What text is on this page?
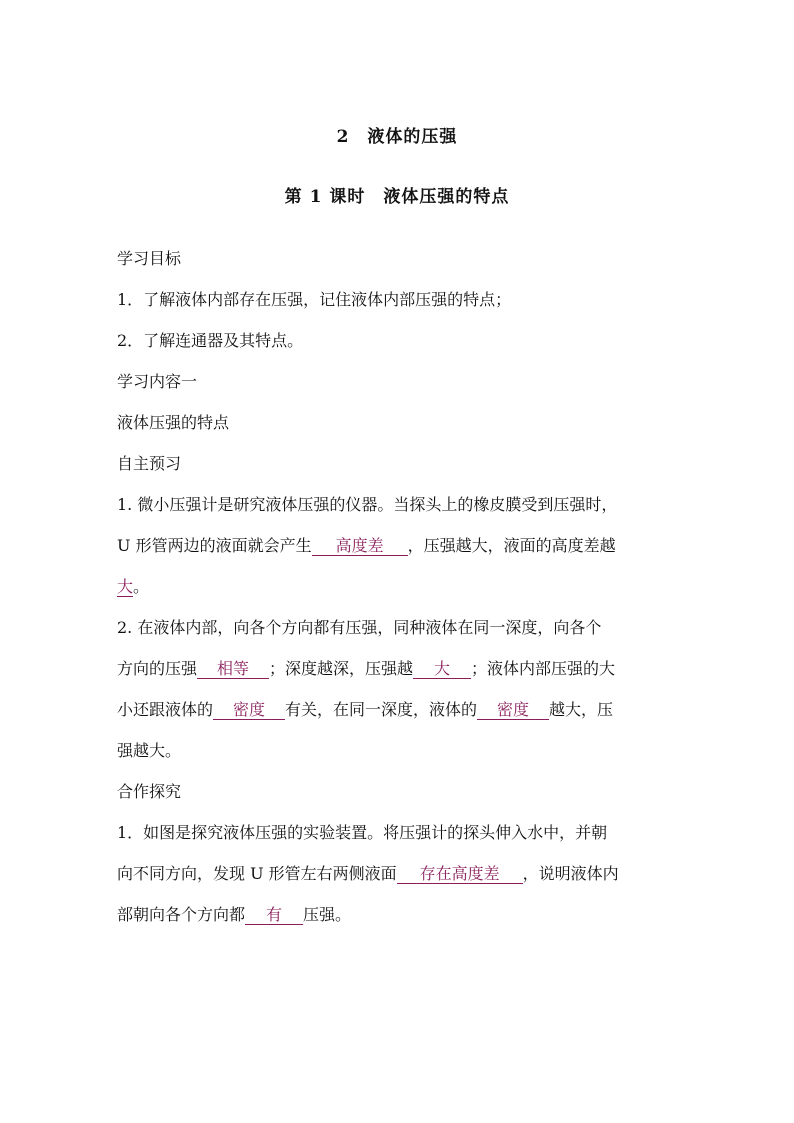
2　液体的压强
第 1 课时　液体压强的特点
学习目标
1．了解液体内部存在压强，记住液体内部压强的特点；
2．了解连通器及其特点。
学习内容一
液体压强的特点
自主预习
1. 微小压强计是研究液体压强的仪器。当探头上的橡皮膜受到压强时，
U 形管两边的液面就会产生 高度差 ，压强越大，液面的高度差越
大。
2. 在液体内部，向各个方向都有压强，同种液体在同一深度，向各个
方向的压强 相等 ；深度越深，压强越 大 ；液体内部压强的大
小还跟液体的 密度 有关，在同一深度，液体的 密度 越大，压
强越大。
合作探究
1．如图是探究液体压强的实验装置。将压强计的探头伸入水中，并朝
向不同方向，发现 U 形管左右两侧液面 存在高度差 ，说明液体内
部朝向各个方向都 有 压强。
